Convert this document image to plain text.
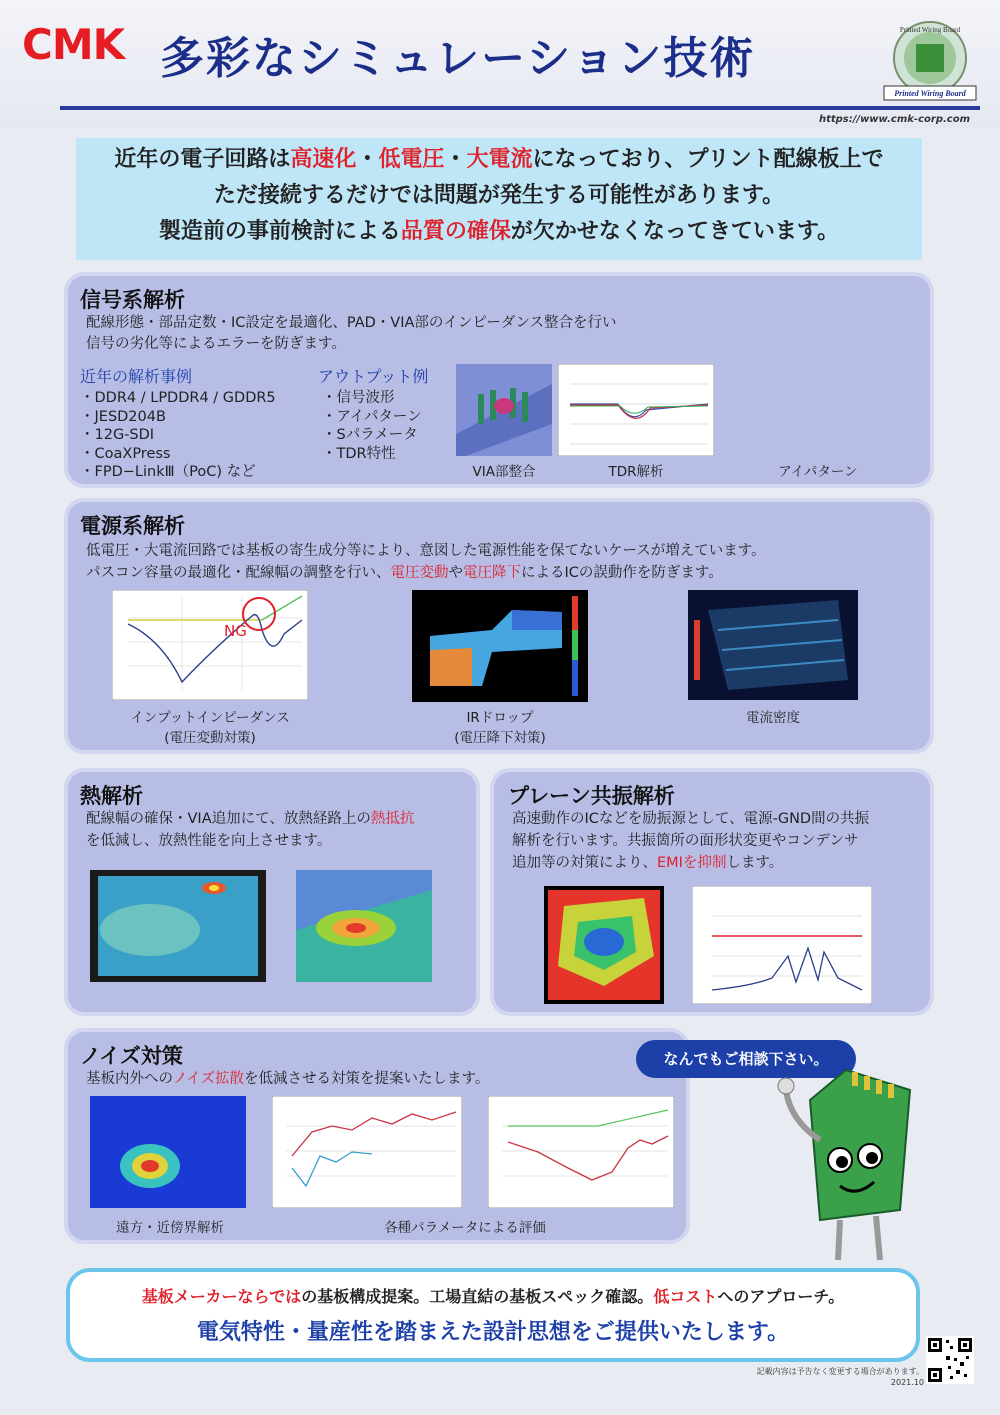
CMK 多彩なシミュレーション技術
https://www.cmk-corp.com
Printed Wiring Board
Printed Wiring Board
近年の電子回路は高速化・低電圧・大電流になっており、プリント配線板上で
ただ接続するだけでは問題が発生する可能性があります。
製造前の事前検討による品質の確保が欠かせなくなってきています。
信号系解析
配線形態・部品定数・IC設定を最適化、PAD・VIA部のインピーダンス整合を行い
信号の劣化等によるエラーを防ぎます。
近年の解析事例
・DDR4 / LPDDR4 / GDDR5
・JESD204B
・12G-SDI
・CoaXPress
・FPD−LinkⅢ（PoC) など
アウトプット例
・信号波形
・アイパターン
・Sパラメータ
・TDR特性
VIA部整合	TDR解析	アイパターン
電源系解析
低電圧・大電流回路では基板の寄生成分等により、意図した電源性能を保てないケースが増えています。
パスコン容量の最適化・配線幅の調整を行い、電圧変動や電圧降下によるICの誤動作を防ぎます。
NG
インプットインピーダンス
(電圧変動対策)
IRドロップ
(電圧降下対策)
電流密度
熱解析
配線幅の確保・VIA追加にて、放熱経路上の熱抵抗
を低減し、放熱性能を向上させます。
プレーン共振解析
高速動作のICなどを励振源として、電源-GND間の共振
解析を行います。共振箇所の面形状変更やコンデンサ
追加等の対策により、EMIを抑制します。
ノイズ対策
基板内外へのノイズ拡散を低減させる対策を提案いたします。
遠方・近傍界解析	各種パラメータによる評価
なんでもご相談下さい。
基板メーカーならではの基板構成提案。工場直結の基板スペック確認。低コストへのアプローチ。
電気特性・量産性を踏まえた設計思想をご提供いたします。
記載内容は予告なく変更する場合があります。
2021.10
